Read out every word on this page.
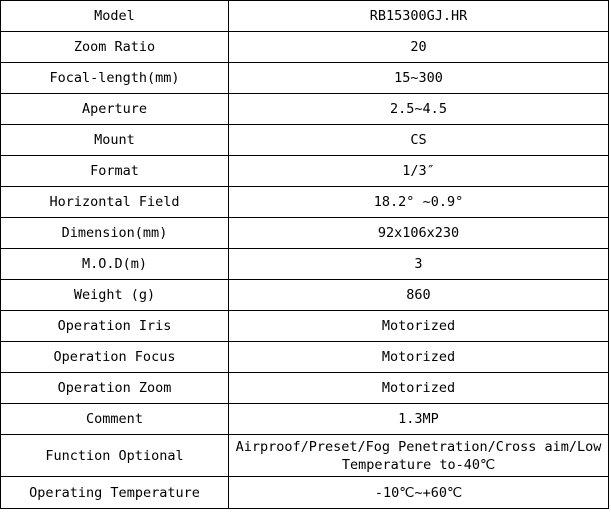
Model	RB15300GJ.HR
Zoom Ratio	20
Focal-length(mm)	15~300
Aperture	2.5~4.5
Mount	CS
Format	1/3″
Horizontal Field	18.2° ~0.9°
Dimension(mm)	92x106x230
M.O.D(m)	3
Weight (g)	860
Operation Iris	Motorized
Operation Focus	Motorized
Operation Zoom	Motorized
Comment	1.3MP
Function Optional	Airproof/Preset/Fog Penetration/Cross aim/Low Temperature to-40℃
Operating Temperature	-10℃~+60℃
